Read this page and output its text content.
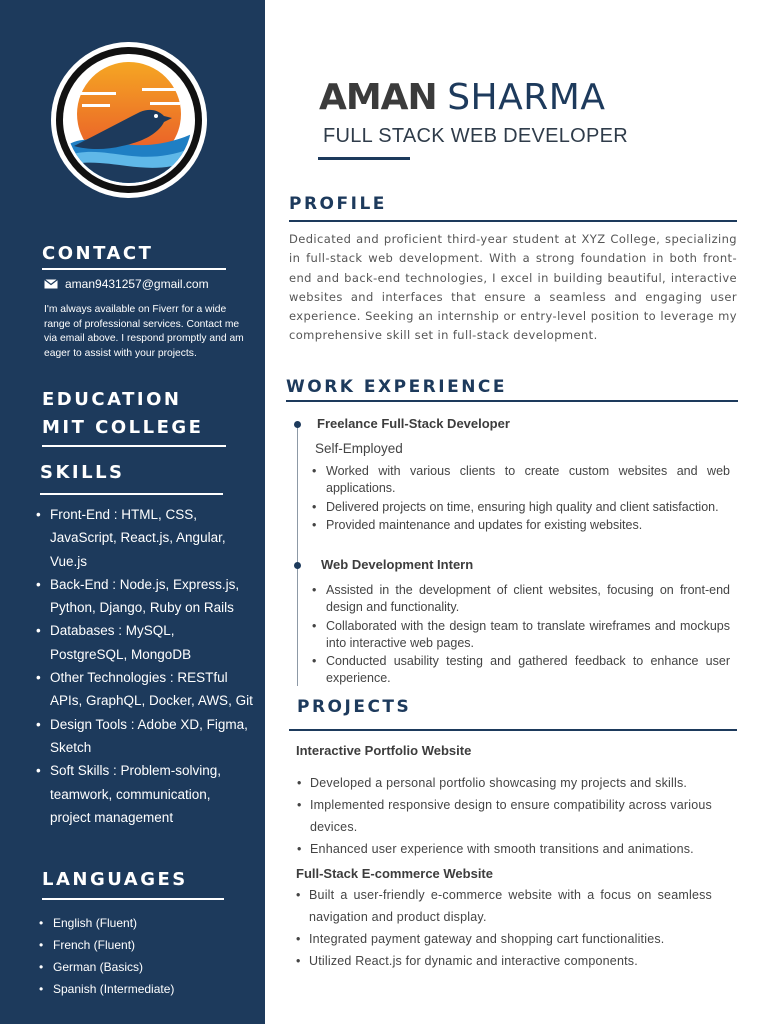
CONTACT
aman9431257@gmail.com
I'm always available on Fiverr for a wide range of professional services. Contact me via email above. I respond promptly and am eager to assist with your projects.
EDUCATION
MIT COLLEGE
SKILLS
• Front-End : HTML, CSS, JavaScript, React.js, Angular, Vue.js
• Back-End : Node.js, Express.js, Python, Django, Ruby on Rails
• Databases : MySQL, PostgreSQL, MongoDB
• Other Technologies : RESTful APIs, GraphQL, Docker, AWS, Git
• Design Tools : Adobe XD, Figma, Sketch
• Soft Skills : Problem-solving, teamwork, communication, project management
LANGUAGES
• English (Fluent)
• French (Fluent)
• German (Basics)
• Spanish (Intermediate)
AMAN SHARMA
FULL STACK WEB DEVELOPER
PROFILE
Dedicated and proficient third-year student at XYZ College, specializing in full-stack web development. With a strong foundation in both front-end and back-end technologies, I excel in building beautiful, interactive websites and interfaces that ensure a seamless and engaging user experience. Seeking an internship or entry-level position to leverage my comprehensive skill set in full-stack development.
WORK EXPERIENCE
Freelance Full-Stack Developer
Self-Employed
• Worked with various clients to create custom websites and web applications.
• Delivered projects on time, ensuring high quality and client satisfaction.
• Provided maintenance and updates for existing websites.
Web Development Intern
• Assisted in the development of client websites, focusing on front-end design and functionality.
• Collaborated with the design team to translate wireframes and mockups into interactive web pages.
• Conducted usability testing and gathered feedback to enhance user experience.
PROJECTS
Interactive Portfolio Website
• Developed a personal portfolio showcasing my projects and skills.
• Implemented responsive design to ensure compatibility across various devices.
• Enhanced user experience with smooth transitions and animations.
Full-Stack E-commerce Website
• Built a user-friendly e-commerce website with a focus on seamless navigation and product display.
• Integrated payment gateway and shopping cart functionalities.
• Utilized React.js for dynamic and interactive components.
